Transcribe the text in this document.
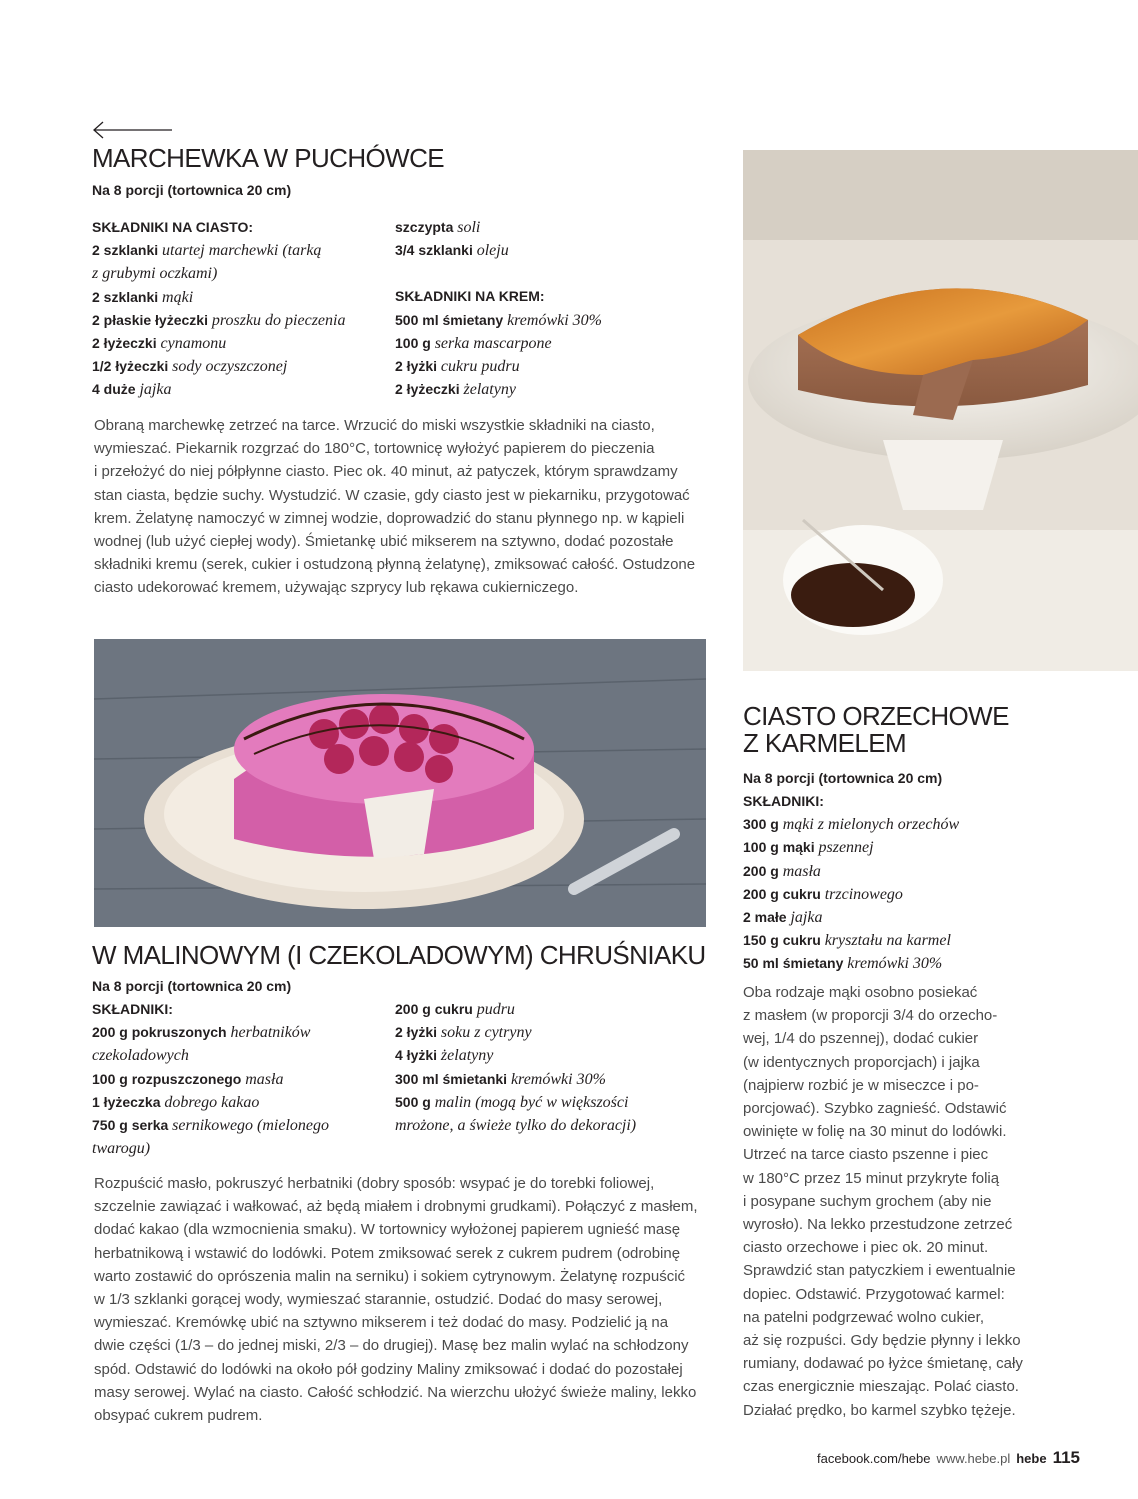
MARCHEWKA W PUCHÓWCE
Na 8 porcji (tortownica 20 cm)
SKŁADNIKI NA CIASTO:
2 szklanki utartej marchewki (tarką
z grubymi oczkami)
2 szklanki mąki
2 płaskie łyżeczki proszku do pieczenia
2 łyżeczki cynamonu
1/2 łyżeczki sody oczyszczonej
4 duże jajka
szczypta soli
3/4 szklanki oleju
SKŁADNIKI NA KREM:
500 ml śmietany kremówki 30%
100 g serka mascarpone
2 łyżki cukru pudru
2 łyżeczki żelatyny

Obraną marchewkę zetrzeć na tarce. Wrzucić do miski wszystkie składniki na ciasto,

wymieszać. Piekarnik rozgrzać do 180°C, tortownicę wyłożyć papierem do pieczenia

i przełożyć do niej półpłynne ciasto. Piec ok. 40 minut, aż patyczek, którym sprawdzamy

stan ciasta, będzie suchy. Wystudzić. W czasie, gdy ciasto jest w piekarniku, przygotować

krem. Żelatynę namoczyć w zimnej wodzie, doprowadzić do stanu płynnego np. w kąpieli

wodnej (lub użyć ciepłej wody). Śmietankę ubić mikserem na sztywno, dodać pozostałe

składniki kremu (serek, cukier i ostudzoną płynną żelatynę), zmiksować całość. Ostudzone

ciasto udekorować kremem, używając szprycy lub rękawa cukierniczego.

W MALINOWYM (I CZEKOLADOWYM) CHRUŚNIAKU
Na 8 porcji (tortownica 20 cm)
SKŁADNIKI:
200 g pokruszonych herbatników
czekoladowych
100 g rozpuszczonego masła
1 łyżeczka dobrego kakao
750 g serka sernikowego (mielonego
twarogu)
200 g cukru pudru
2 łyżki soku z cytryny
4 łyżki żelatyny
300 ml śmietanki kremówki 30%
500 g malin (mogą być w większości
mrożone, a świeże tylko do dekoracji)

Rozpuścić masło, pokruszyć herbatniki (dobry sposób: wsypać je do torebki foliowej,

szczelnie zawiązać i wałkować, aż będą miałem i drobnymi grudkami). Połączyć z masłem,

dodać kakao (dla wzmocnienia smaku). W tortownicy wyłożonej papierem ugnieść masę

herbatnikową i wstawić do lodówki. Potem zmiksować serek z cukrem pudrem (odrobinę

warto zostawić do oprószenia malin na serniku) i sokiem cytrynowym. Żelatynę rozpuścić

w 1/3 szklanki gorącej wody, wymieszać starannie, ostudzić. Dodać do masy serowej,

wymieszać. Kremówkę ubić na sztywno mikserem i też dodać do masy. Podzielić ją na

dwie części (1/3 – do jednej miski, 2/3 – do drugiej). Masę bez malin wylać na schłodzony

spód. Odstawić do lodówki na około pół godziny Maliny zmiksować i dodać do pozostałej

masy serowej. Wylać na ciasto. Całość schłodzić. Na wierzchu ułożyć świeże maliny, lekko

obsypać cukrem pudrem.

CIASTO ORZECHOWE
Z KARMELEM
Na 8 porcji (tortownica 20 cm)
SKŁADNIKI:
300 g mąki z mielonych orzechów
100 g mąki pszennej
200 g masła
200 g cukru trzcinowego
2 małe jajka
150 g cukru kryształu na karmel
50 ml śmietany kremówki 30%

Oba rodzaje mąki osobno posiekać

z masłem (w proporcji 3/4 do orzecho-

wej, 1/4 do pszennej), dodać cukier

(w identycznych proporcjach) i jajka

(najpierw rozbić je w miseczce i po-

porcjować). Szybko zagnieść. Odstawić

owinięte w folię na 30 minut do lodówki.

Utrzeć na tarce ciasto pszenne i piec

w 180°C przez 15 minut przykryte folią

i posypane suchym grochem (aby nie

wyrosło). Na lekko przestudzone zetrzeć

ciasto orzechowe i piec ok. 20 minut.

Sprawdzić stan patyczkiem i ewentualnie

dopiec. Odstawić. Przygotować karmel:

na patelni podgrzewać wolno cukier,

aż się rozpuści. Gdy będzie płynny i lekko

rumiany, dodawać po łyżce śmietanę, cały

czas energicznie mieszając. Polać ciasto.

Działać prędko, bo karmel szybko tężeje.

facebook.com/hebe www.hebe.pl hebe 115
